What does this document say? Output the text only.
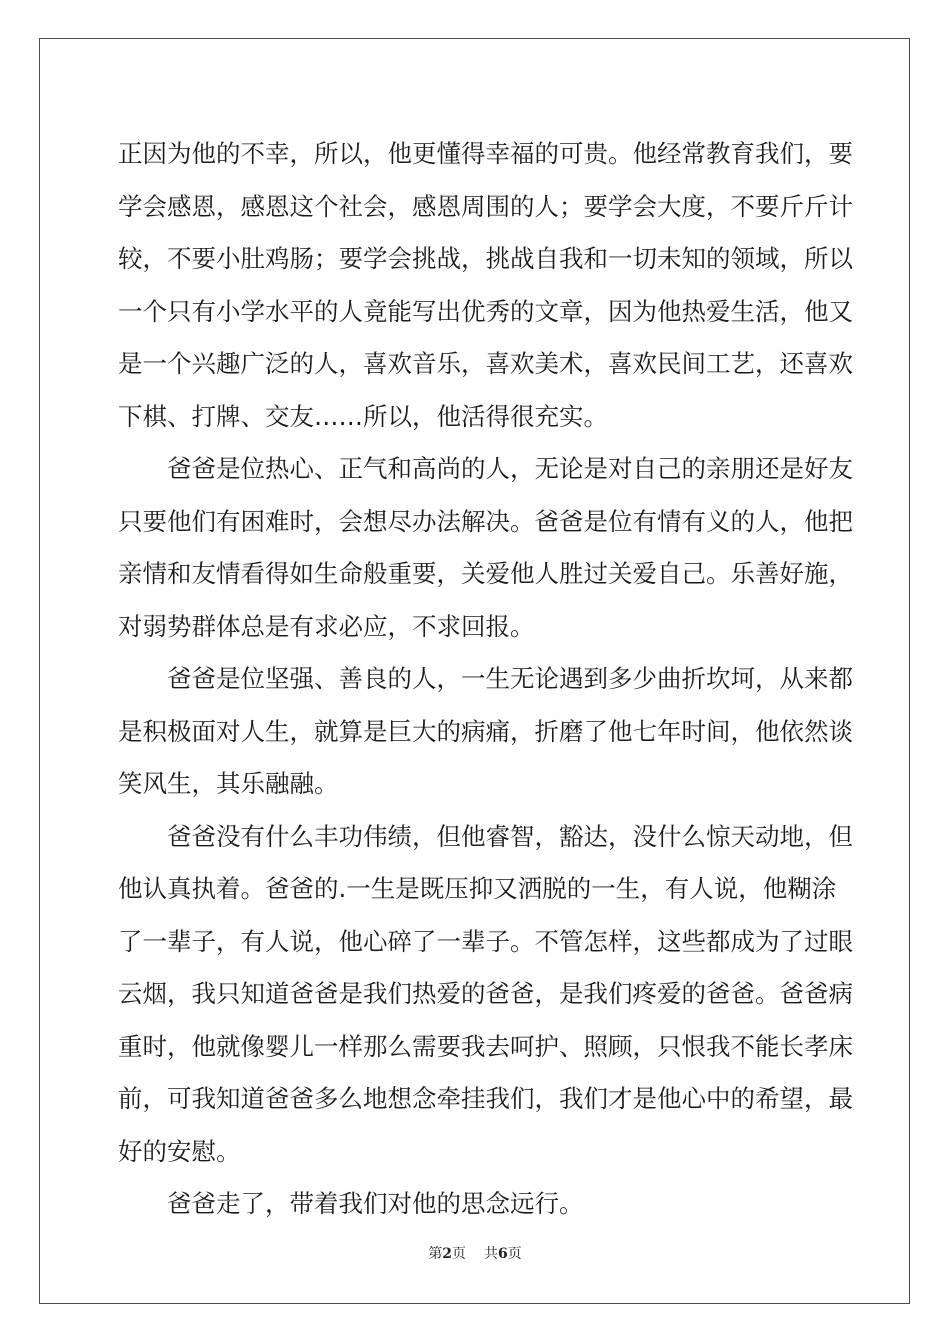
正因为他的不幸，所以，他更懂得幸福的可贵。他经常教育我们，要
学会感恩，感恩这个社会，感恩周围的人；要学会大度，不要斤斤计
较，不要小肚鸡肠；要学会挑战，挑战自我和一切未知的领域，所以
一个只有小学水平的人竟能写出优秀的文章，因为他热爱生活，他又
是一个兴趣广泛的人，喜欢音乐，喜欢美术，喜欢民间工艺，还喜欢
下棋、打牌、交友……所以，他活得很充实。
　　爸爸是位热心、正气和高尚的人，无论是对自己的亲朋还是好友
只要他们有困难时，会想尽办法解决。爸爸是位有情有义的人，他把
亲情和友情看得如生命般重要，关爱他人胜过关爱自己。乐善好施，
对弱势群体总是有求必应，不求回报。
　　爸爸是位坚强、善良的人，一生无论遇到多少曲折坎坷，从来都
是积极面对人生，就算是巨大的病痛，折磨了他七年时间，他依然谈
笑风生，其乐融融。
　　爸爸没有什么丰功伟绩，但他睿智，豁达，没什么惊天动地，但
他认真执着。爸爸的.一生是既压抑又洒脱的一生，有人说，他糊涂
了一辈子，有人说，他心碎了一辈子。不管怎样，这些都成为了过眼
云烟，我只知道爸爸是我们热爱的爸爸，是我们疼爱的爸爸。爸爸病
重时，他就像婴儿一样那么需要我去呵护、照顾，只恨我不能长孝床
前，可我知道爸爸多么地想念牵挂我们，我们才是他心中的希望，最
好的安慰。
　　爸爸走了，带着我们对他的思念远行。
第2页 共6页
